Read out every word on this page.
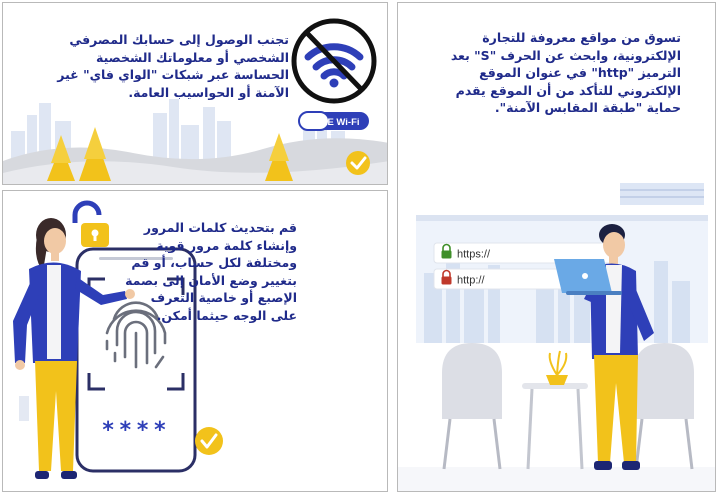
FREE Wi-Fi
تجنب الوصول إلى حسابك المصرفي الشخصي أو معلوماتك الشخصية الحساسة عبر شبكات "الواي فاي" غير الآمنة أو الحواسيب العامة.
****
قم بتحديث كلمات المرور وإنشاء كلمة مرور قوية ومختلفة لكل حساب، أو قم بتغيير وضع الأمان إلى بصمة الإصبع أو خاصية التعرف على الوجه حيثما أمكن.
https://
http://
تسوق من مواقع معروفة للتجارة الإلكترونية، وابحث عن الحرف "S" بعد الترميز "http" في عنوان الموقع الإلكتروني للتأكد من أن الموقع يقدم حماية "طبقة المقابس الآمنة".
